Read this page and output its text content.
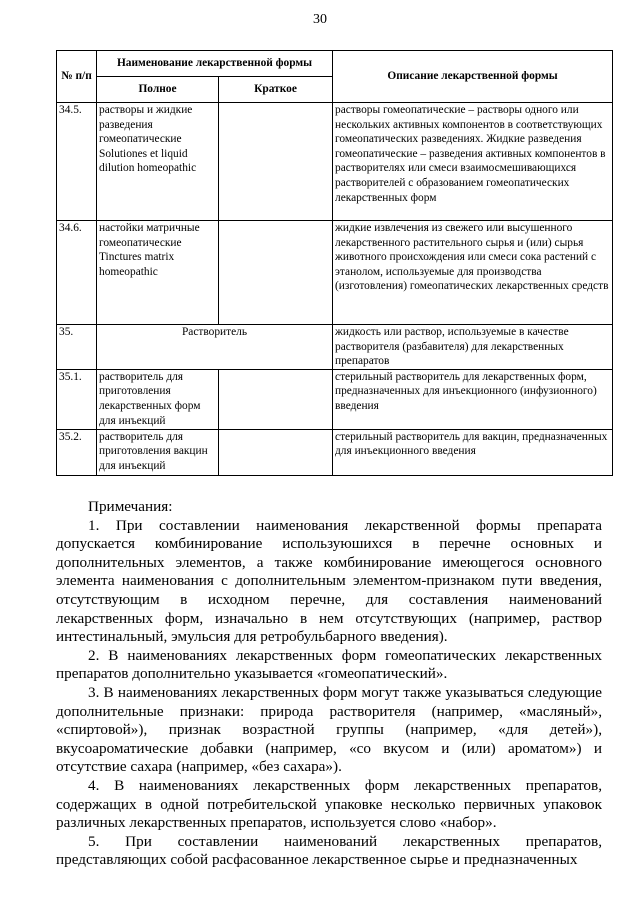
30
№ п/п	Наименование лекарственной формы		Описание лекарственной формы
	Полное	Краткое	
34.5.	растворы и жидкие разведения гомеопатические Solutiones et liquid dilution homeopathic		растворы гомеопатические – растворы одного или нескольких активных компонентов в соответствующих гомеопатических разведениях. Жидкие разведения гомеопатические – разведения активных компонентов в растворителях или смеси взаимосмешивающихся растворителей с образованием гомеопатических лекарственных форм
34.6.	настойки матричные гомеопатические Tinctures matrix homeopathic		жидкие извлечения из свежего или высушенного лекарственного растительного сырья и (или) сырья животного происхождения или смеси сока растений с этанолом, используемые для производства (изготовления) гомеопатических лекарственных средств
35.	Растворитель		жидкость или раствор, используемые в качестве растворителя (разбавителя) для лекарственных препаратов
35.1.	растворитель для приготовления лекарственных форм для инъекций		стерильный растворитель для лекарственных форм, предназначенных для инъекционного (инфузионного) введения
35.2.	растворитель для приготовления вакцин для инъекций		стерильный растворитель для вакцин, предназначенных для инъекционного введения

Примечания:

1. При составлении наименования лекарственной формы препарата допускается комбинирование используюшихся в перечне основных и дополнительных элементов, а также комбинирование имеющегося основного элемента наименования с дополнительным элементом-признаком пути введения, отсутствующим в исходном перечне, для составления наименований лекарственных форм, изначально в нем отсутствующих (например, раствор интестинальный, эмульсия для ретробульбарного введения).

2. В наименованиях лекарственных форм гомеопатических лекарственных препаратов дополнительно указывается «гомеопатический».

3. В наименованиях лекарственных форм могут также указываться следующие дополнительные признаки: природа растворителя (например, «масляный», «спиртовой»), признак возрастной группы (например, «для детей»), вкусоароматические добавки (например, «со вкусом и (или) ароматом») и отсутствие сахара (например, «без сахара»).

4. В наименованиях лекарственных форм лекарственных препаратов, содержащих в одной потребительской упаковке несколько первичных упаковок различных лекарственных препаратов, используется слово «набор».

5. При составлении наименований лекарственных препаратов, представляющих собой расфасованное лекарственное сырье и предназначенных
